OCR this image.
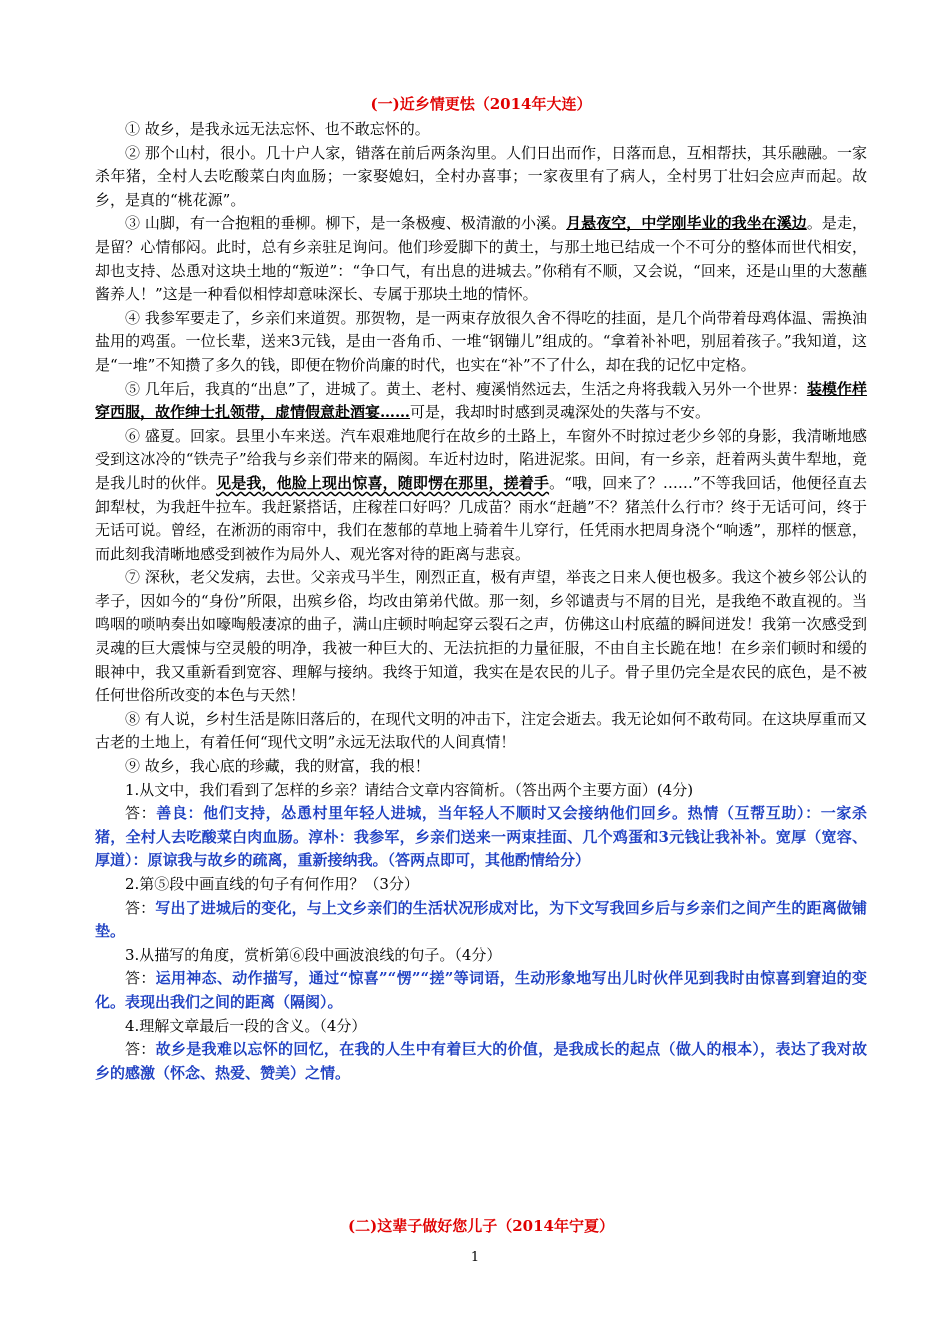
(一)近乡情更怯（2014年大连）

① 故乡，是我永远无法忘怀、也不敢忘怀的。

② 那个山村，很小。几十户人家，错落在前后两条沟里。人们日出而作，日落而息，互相帮扶，其乐融融。一家杀年猪，全村人去吃酸菜白肉血肠；一家娶媳妇，全村办喜事；一家夜里有了病人，全村男丁壮妇会应声而起。故乡，是真的“桃花源”。

③ 山脚，有一合抱粗的垂柳。柳下，是一条极瘦、极清澈的小溪。月悬夜空，中学刚毕业的我坐在溪边。是走，是留？心情郁闷。此时，总有乡亲驻足询问。他们珍爱脚下的黄土，与那土地已结成一个不可分的整体而世代相安，却也支持、怂恿对这块土地的“叛逆”：“争口气，有出息的进城去。”你稍有不顺，又会说，“回来，还是山里的大葱蘸酱养人！”这是一种看似相悖却意味深长、专属于那块土地的情怀。

④ 我参军要走了，乡亲们来道贺。那贺物，是一两束存放很久舍不得吃的挂面，是几个尚带着母鸡体温、需换油盐用的鸡蛋。一位长辈，送来3元钱，是由一沓角币、一堆“钢镚儿”组成的。“拿着补补吧，别屈着孩子。”我知道，这是“一堆”不知攒了多久的钱，即便在物价尚廉的时代，也实在“补”不了什么，却在我的记忆中定格。

⑤ 几年后，我真的“出息”了，进城了。黄土、老村、瘦溪悄然远去，生活之舟将我载入另外一个世界：装模作样穿西服，故作绅士扎领带，虚情假意赴酒宴……可是，我却时时感到灵魂深处的失落与不安。

⑥ 盛夏。回家。县里小车来送。汽车艰难地爬行在故乡的土路上，车窗外不时掠过老少乡邻的身影，我清晰地感受到这冰冷的“铁壳子”给我与乡亲们带来的隔阂。车近村边时，陷进泥浆。田间，有一乡亲，赶着两头黄牛犁地，竟是我儿时的伙伴。见是我，他脸上现出惊喜，随即愣在那里，搓着手。“哦，回来了？……”不等我回话，他便径直去卸犁杖，为我赶牛拉车。我赶紧搭话，庄稼茬口好吗？几成苗？雨水“赶趟”不？猪羔什么行市？终于无话可问，终于无话可说。曾经，在淅沥的雨帘中，我们在葱郁的草地上骑着牛儿穿行，任凭雨水把周身浇个“响透”，那样的惬意，而此刻我清晰地感受到被作为局外人、观光客对待的距离与悲哀。

⑦ 深秋，老父发病，去世。父亲戎马半生，刚烈正直，极有声望，举丧之日来人便也极多。我这个被乡邻公认的孝子，因如今的“身份”所限，出殡乡俗，均改由第弟代做。那一刻，乡邻谴责与不屑的目光，是我绝不敢直视的。当鸣咽的唢呐奏出如嚎啕般凄凉的曲子，满山庄顿时响起穿云裂石之声，仿佛这山村底蕴的瞬间迸发！我第一次感受到灵魂的巨大震悚与空灵般的明净，我被一种巨大的、无法抗拒的力量征服，不由自主长跪在地！在乡亲们顿时和缓的眼神中，我又重新看到宽容、理解与接纳。我终于知道，我实在是农民的儿子。骨子里仍完全是农民的底色，是不被任何世俗所改变的本色与天然！

⑧ 有人说，乡村生活是陈旧落后的，在现代文明的冲击下，注定会逝去。我无论如何不敢苟同。在这块厚重而又古老的土地上，有着任何“现代文明”永远无法取代的人间真情！

⑨ 故乡，我心底的珍藏，我的财富，我的根！

1.从文中，我们看到了怎样的乡亲？请结合文章内容简析。（答出两个主要方面）(4分)

答：善良：他们支持，怂恿村里年轻人进城，当年轻人不顺时又会接纳他们回乡。热情（互帮互助）：一家杀猪，全村人去吃酸菜白肉血肠。淳朴：我参军，乡亲们送来一两束挂面、几个鸡蛋和3元钱让我补补。宽厚（宽容、厚道）：原谅我与故乡的疏离，重新接纳我。（答两点即可，其他酌情给分）

2.第⑤段中画直线的句子有何作用？（3分）

答：写出了进城后的变化，与上文乡亲们的生活状况形成对比，为下文写我回乡后与乡亲们之间产生的距离做铺垫。

3.从描写的角度，赏析第⑥段中画波浪线的句子。（4分）

答：运用神态、动作描写，通过“惊喜”“愣”“搓”等词语，生动形象地写出儿时伙伴见到我时由惊喜到窘迫的变化。表现出我们之间的距离（隔阂）。

4.理解文章最后一段的含义。（4分）

答：故乡是我难以忘怀的回忆，在我的人生中有着巨大的价值，是我成长的起点（做人的根本），表达了我对故乡的感激（怀念、热爱、赞美）之情。

(二)这辈子做好您儿子（2014年宁夏）
1
